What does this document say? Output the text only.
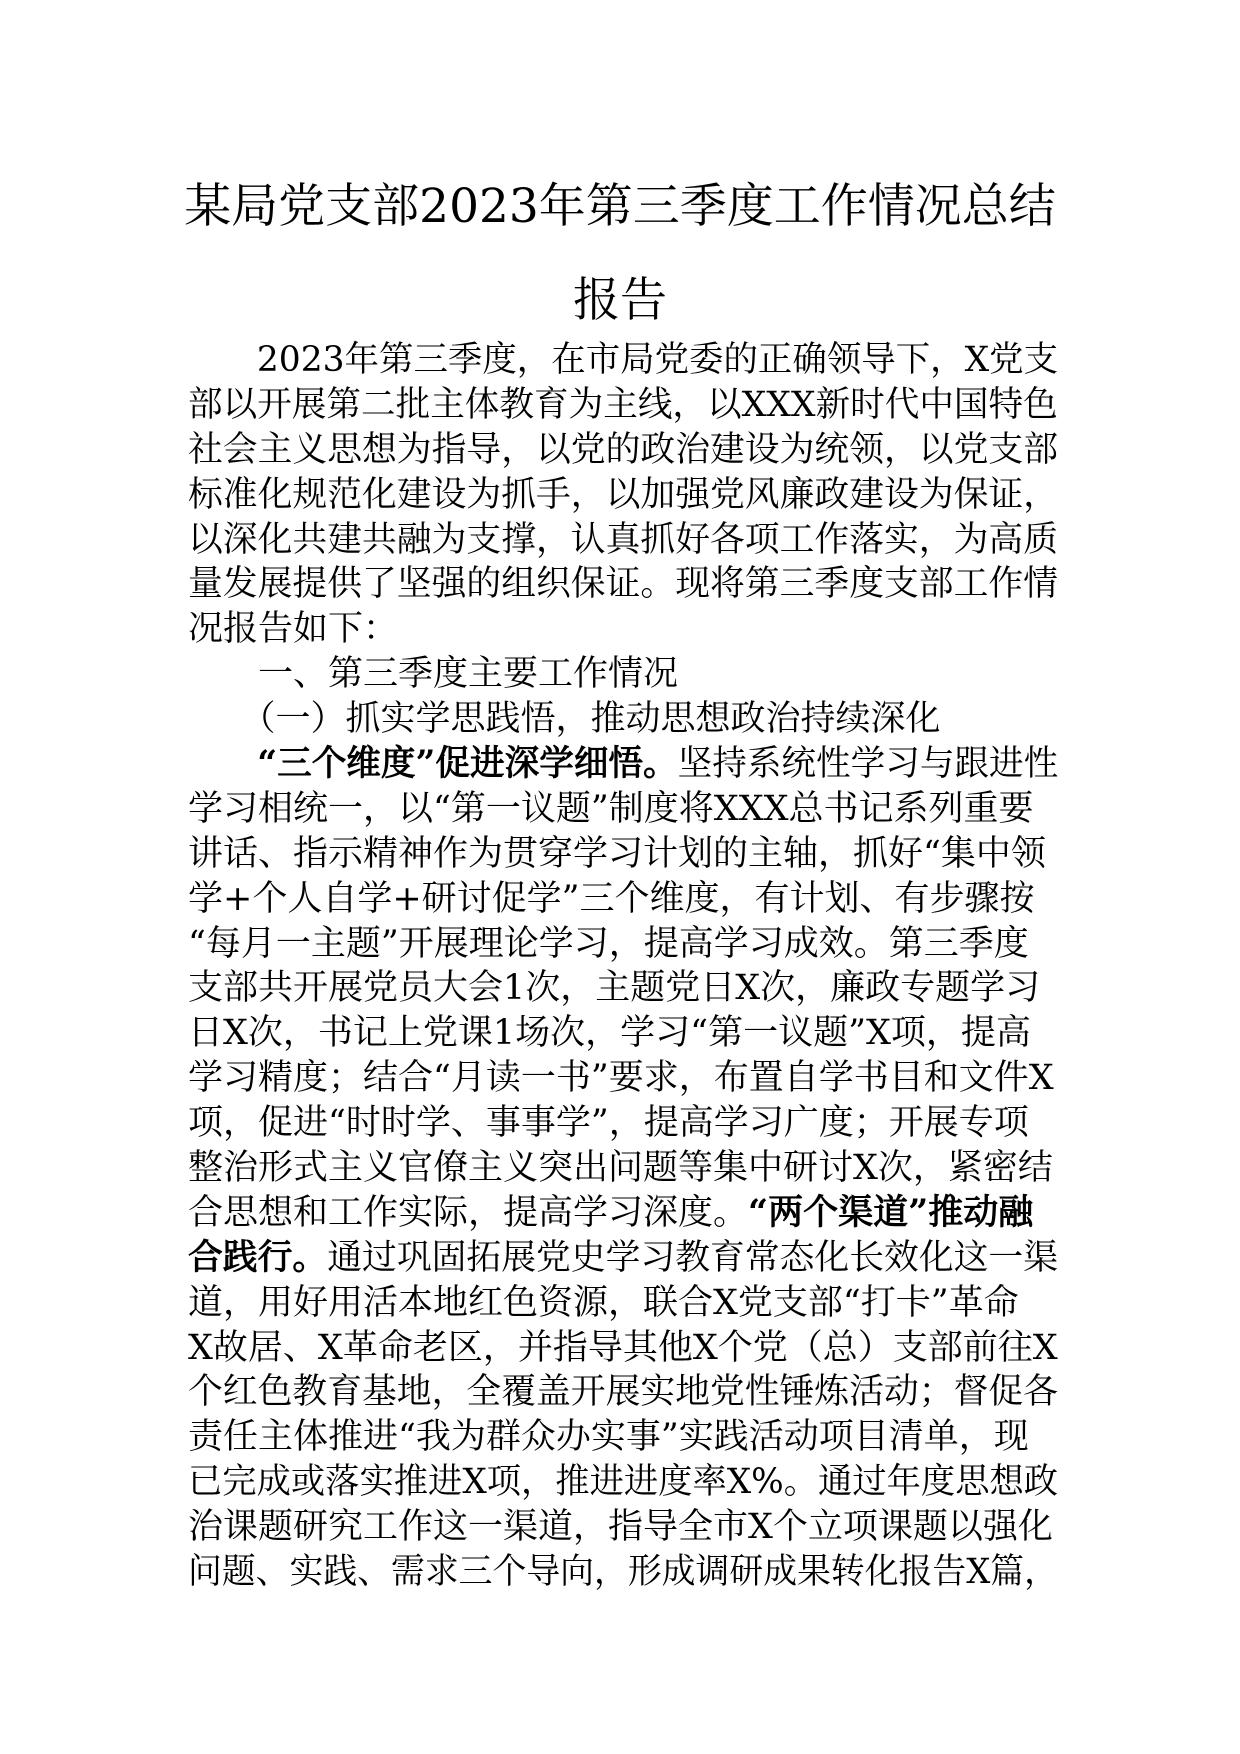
某局党支部2023年第三季度工作情况总结
报告
　　2023年第三季度，在市局党委的正确领导下，X党支
部以开展第二批主体教育为主线，以XXX新时代中国特色
社会主义思想为指导，以党的政治建设为统领，以党支部
标准化规范化建设为抓手，以加强党风廉政建设为保证，
以深化共建共融为支撑，认真抓好各项工作落实，为高质
量发展提供了坚强的组织保证。现将第三季度支部工作情
况报告如下：
　　一、第三季度主要工作情况
　　（一）抓实学思践悟，推动思想政治持续深化
　　“三个维度”促进深学细悟。坚持系统性学习与跟进性
学习相统一，以“第一议题”制度将XXX总书记系列重要
讲话、指示精神作为贯穿学习计划的主轴，抓好“集中领
学+个人自学+研讨促学”三个维度，有计划、有步骤按
“每月一主题”开展理论学习，提高学习成效。第三季度
支部共开展党员大会1次，主题党日X次，廉政专题学习
日X次，书记上党课1场次，学习“第一议题”X项，提高
学习精度；结合“月读一书”要求，布置自学书目和文件X
项，促进“时时学、事事学”，提高学习广度；开展专项
整治形式主义官僚主义突出问题等集中研讨X次，紧密结
合思想和工作实际，提高学习深度。“两个渠道”推动融
合践行。通过巩固拓展党史学习教育常态化长效化这一渠
道，用好用活本地红色资源，联合X党支部“打卡”革命
X故居、X革命老区，并指导其他X个党（总）支部前往X
个红色教育基地，全覆盖开展实地党性锤炼活动；督促各
责任主体推进“我为群众办实事”实践活动项目清单，现
已完成或落实推进X项，推进进度率X%。通过年度思想政
治课题研究工作这一渠道，指导全市X个立项课题以强化
问题、实践、需求三个导向，形成调研成果转化报告X篇，
